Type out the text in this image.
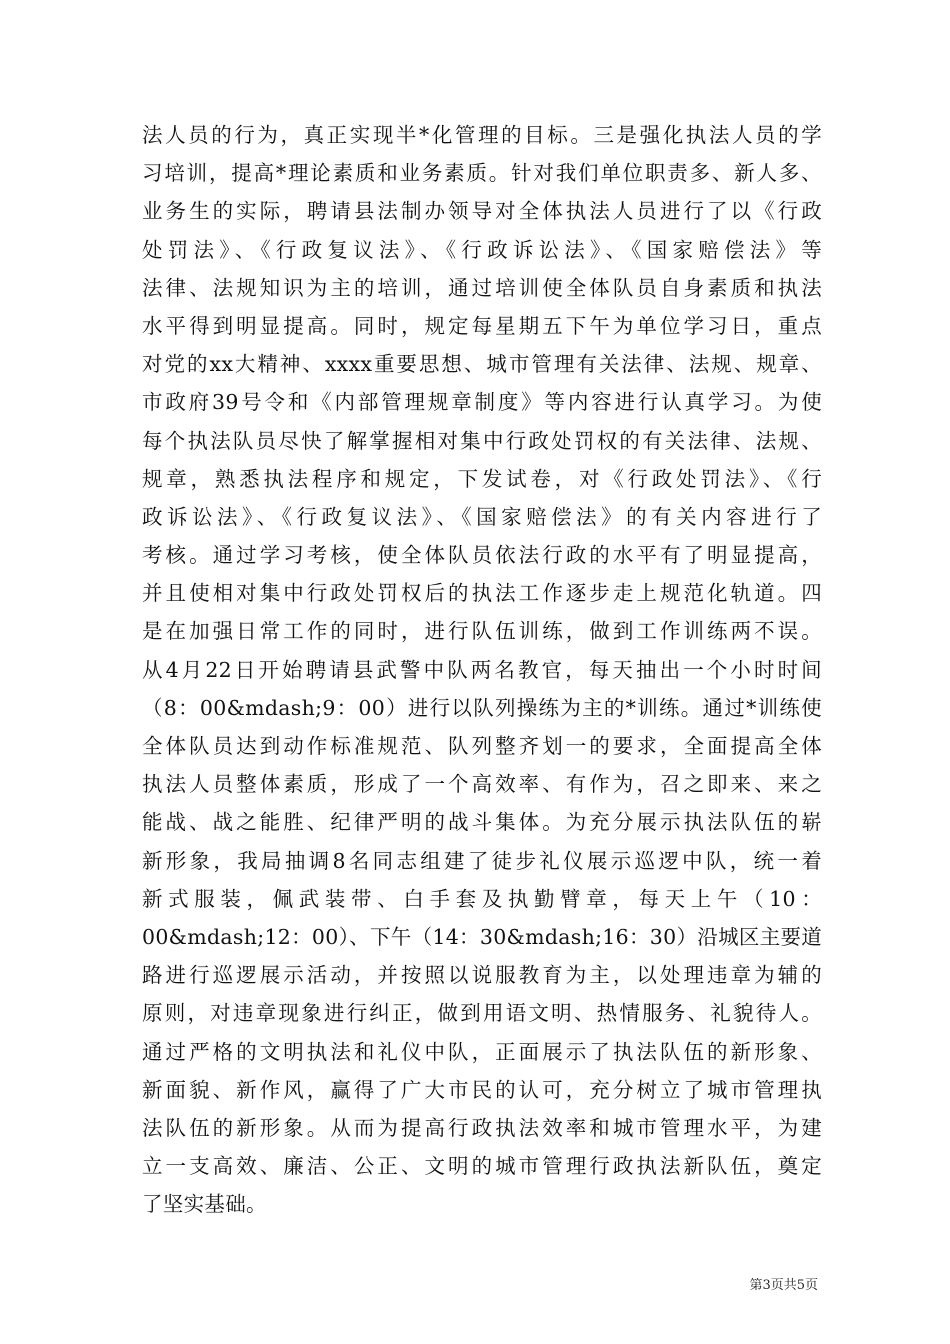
法人员的行为，真正实现半*化管理的目标。三是强化执法人员的学
习培训，提高*理论素质和业务素质。针对我们单位职责多、新人多、
业务生的实际，聘请县法制办领导对全体执法人员进行了以《行政
处罚法》、《行政复议法》、《行政诉讼法》、《国家赔偿法》等
法律、法规知识为主的培训，通过培训使全体队员自身素质和执法
水平得到明显提高。同时，规定每星期五下午为单位学习日，重点
对党的xx大精神、xxxx重要思想、城市管理有关法律、法规、规章、
市政府39号令和《内部管理规章制度》等内容进行认真学习。为使
每个执法队员尽快了解掌握相对集中行政处罚权的有关法律、法规、
规章，熟悉执法程序和规定，下发试卷，对《行政处罚法》、《行
政诉讼法》、《行政复议法》、《国家赔偿法》的有关内容进行了
考核。通过学习考核，使全体队员依法行政的水平有了明显提高，
并且使相对集中行政处罚权后的执法工作逐步走上规范化轨道。四
是在加强日常工作的同时，进行队伍训练，做到工作训练两不误。
从4月22日开始聘请县武警中队两名教官，每天抽出一个小时时间
（8：00&mdash;9：00）进行以队列操练为主的*训练。通过*训练使
全体队员达到动作标准规范、队列整齐划一的要求，全面提高全体
执法人员整体素质，形成了一个高效率、有作为，召之即来、来之
能战、战之能胜、纪律严明的战斗集体。为充分展示执法队伍的崭
新形象，我局抽调8名同志组建了徒步礼仪展示巡逻中队，统一着
新式服装，佩武装带、白手套及执勤臂章，每天上午（10：
00&mdash;12：00）、下午（14：30&mdash;16：30）沿城区主要道
路进行巡逻展示活动，并按照以说服教育为主，以处理违章为辅的
原则，对违章现象进行纠正，做到用语文明、热情服务、礼貌待人。
通过严格的文明执法和礼仪中队，正面展示了执法队伍的新形象、
新面貌、新作风，赢得了广大市民的认可，充分树立了城市管理执
法队伍的新形象。从而为提高行政执法效率和城市管理水平，为建
立一支高效、廉洁、公正、文明的城市管理行政执法新队伍，奠定
了坚实基础。
第3页共5页
